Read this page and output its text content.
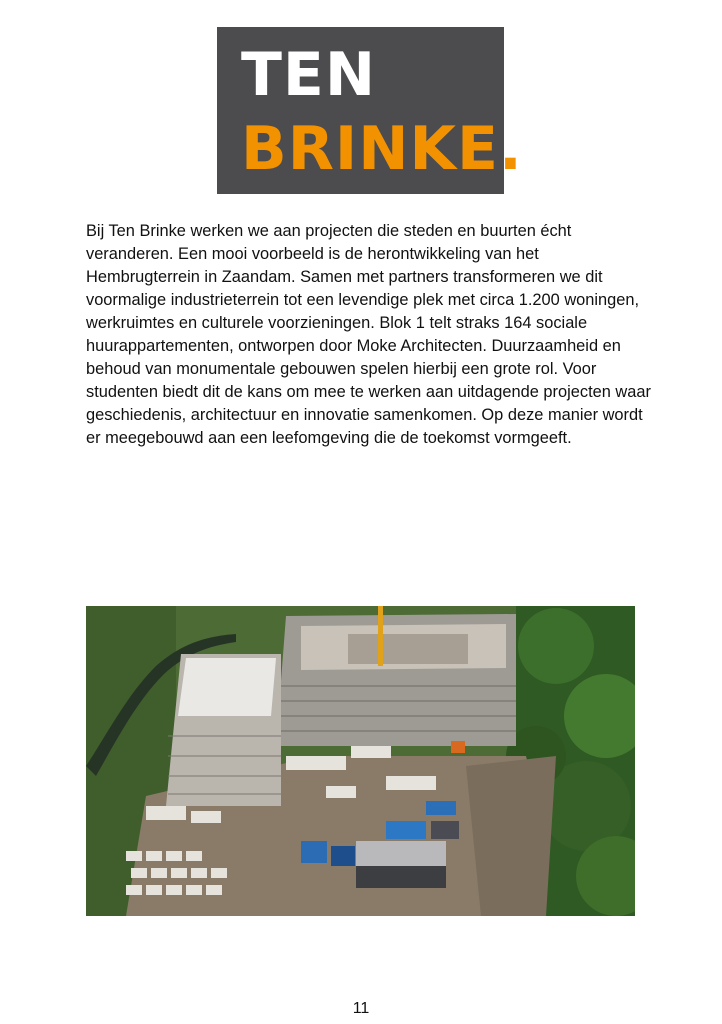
TEN
BRINKE.

Bij Ten Brinke werken we aan projecten die steden en buurten écht veranderen. Een mooi voorbeeld is de herontwikkeling van het Hembrugterrein in Zaandam. Samen met partners transformeren we dit voormalige industrieterrein tot een levendige plek met circa 1.200 woningen, werkruimtes en culturele voorzieningen. Blok 1 telt straks 164 sociale huurappartementen, ontworpen door Moke Architecten. Duurzaamheid en behoud van monumentale gebouwen spelen hierbij een grote rol. Voor studenten biedt dit de kans om mee te werken aan uitdagende projecten waar geschiedenis, architectuur en innovatie samenkomen. Op deze manier wordt er meegebouwd aan een leefomgeving die de toekomst vormgeeft.

11
